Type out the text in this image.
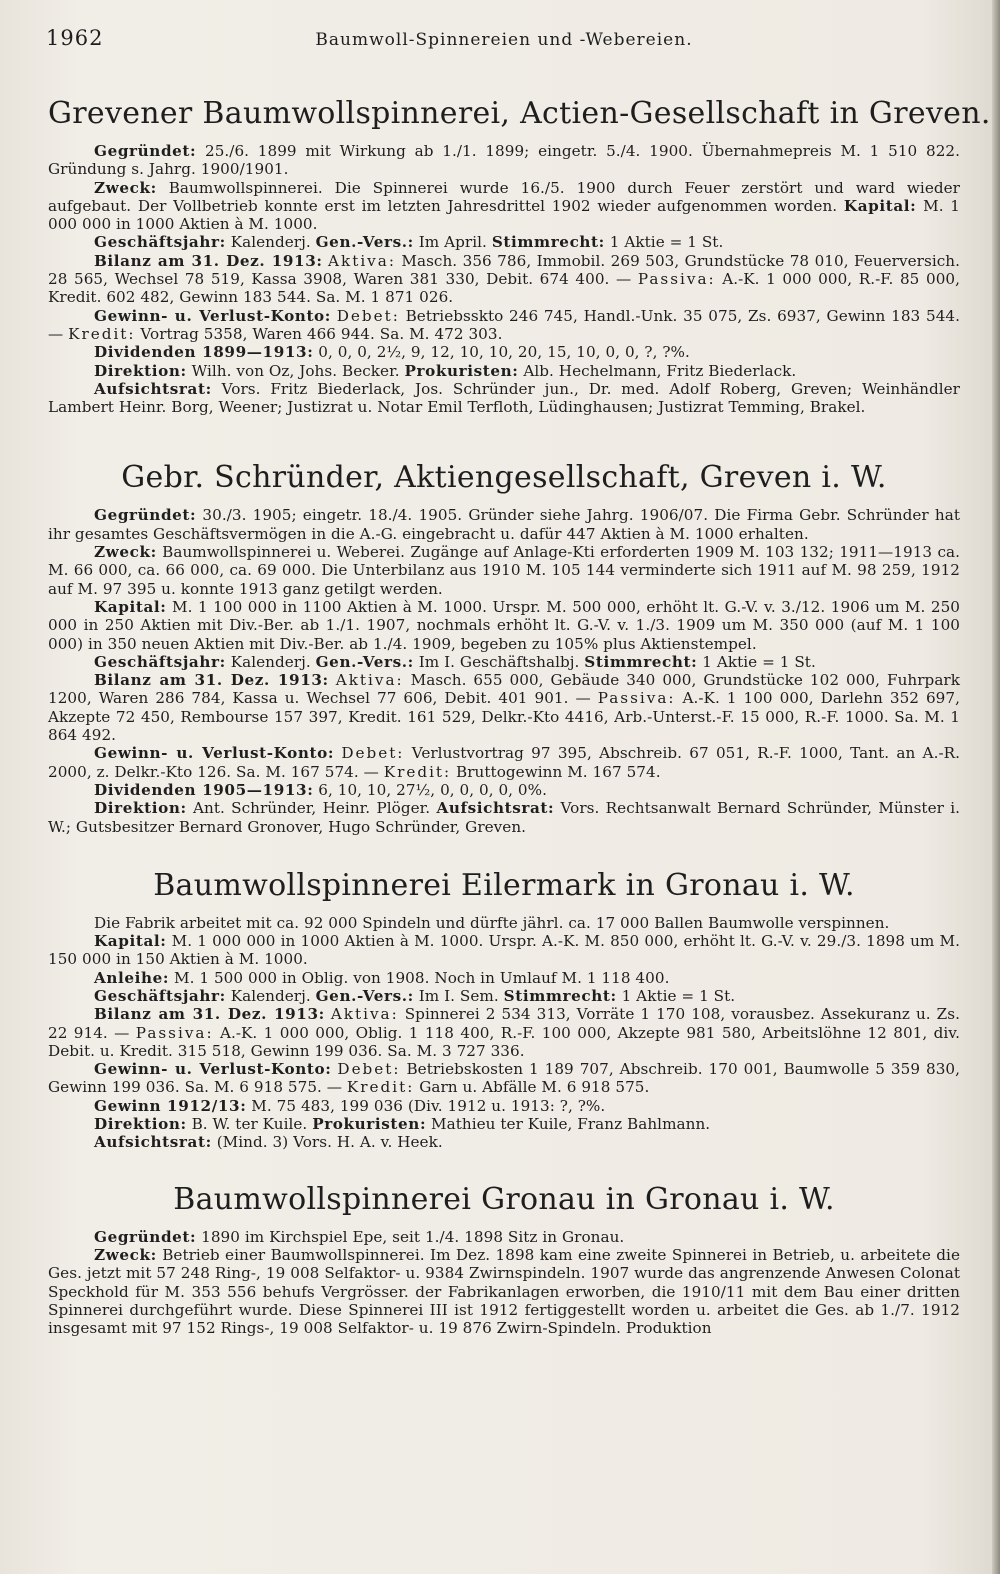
1962	Baumwoll-Spinnereien und -Webereien.
Grevener Baumwollspinnerei, Actien-Gesellschaft in Greven.

Gegründet: 25./6. 1899 mit Wirkung ab 1./1. 1899; eingetr. 5./4. 1900. Übernahmepreis M. 1 510 822. Gründung s. Jahrg. 1900/1901.

Zweck: Baumwollspinnerei. Die Spinnerei wurde 16./5. 1900 durch Feuer zerstört und ward wieder aufgebaut. Der Vollbetrieb konnte erst im letzten Jahresdrittel 1902 wieder aufgenommen worden. Kapital: M. 1 000 000 in 1000 Aktien à M. 1000.

Geschäftsjahr: Kalenderj. Gen.-Vers.: Im April. Stimmrecht: 1 Aktie = 1 St.

Bilanz am 31. Dez. 1913: Aktiva: Masch. 356 786, Immobil. 269 503, Grundstücke 78 010, Feuerversich. 28 565, Wechsel 78 519, Kassa 3908, Waren 381 330, Debit. 674 400. — Passiva: A.-K. 1 000 000, R.-F. 85 000, Kredit. 602 482, Gewinn 183 544. Sa. M. 1 871 026.

Gewinn- u. Verlust-Konto: Debet: Betriebsskto 246 745, Handl.-Unk. 35 075, Zs. 6937, Gewinn 183 544. — Kredit: Vortrag 5358, Waren 466 944. Sa. M. 472 303.

Dividenden 1899—1913: 0, 0, 0, 2½, 9, 12, 10, 10, 20, 15, 10, 0, 0, ?, ?%.

Direktion: Wilh. von Oz, Johs. Becker. Prokuristen: Alb. Hechelmann, Fritz Biederlack.

Aufsichtsrat: Vors. Fritz Biederlack, Jos. Schründer jun., Dr. med. Adolf Roberg, Greven; Weinhändler Lambert Heinr. Borg, Weener; Justizrat u. Notar Emil Terfloth, Lüdinghausen; Justizrat Temming, Brakel.

Gebr. Schründer, Aktiengesellschaft, Greven i. W.

Gegründet: 30./3. 1905; eingetr. 18./4. 1905. Gründer siehe Jahrg. 1906/07. Die Firma Gebr. Schründer hat ihr gesamtes Geschäftsvermögen in die A.-G. eingebracht u. dafür 447 Aktien à M. 1000 erhalten.

Zweck: Baumwollspinnerei u. Weberei. Zugänge auf Anlage-Kti erforderten 1909 M. 103 132; 1911—1913 ca. M. 66 000, ca. 66 000, ca. 69 000. Die Unterbilanz aus 1910 M. 105 144 verminderte sich 1911 auf M. 98 259, 1912 auf M. 97 395 u. konnte 1913 ganz getilgt werden.

Kapital: M. 1 100 000 in 1100 Aktien à M. 1000. Urspr. M. 500 000, erhöht lt. G.-V. v. 3./12. 1906 um M. 250 000 in 250 Aktien mit Div.-Ber. ab 1./1. 1907, nochmals erhöht lt. G.-V. v. 1./3. 1909 um M. 350 000 (auf M. 1 100 000) in 350 neuen Aktien mit Div.-Ber. ab 1./4. 1909, begeben zu 105% plus Aktienstempel.

Geschäftsjahr: Kalenderj. Gen.-Vers.: Im I. Geschäftshalbj. Stimmrecht: 1 Aktie = 1 St.

Bilanz am 31. Dez. 1913: Aktiva: Masch. 655 000, Gebäude 340 000, Grundstücke 102 000, Fuhrpark 1200, Waren 286 784, Kassa u. Wechsel 77 606, Debit. 401 901. — Passiva: A.-K. 1 100 000, Darlehn 352 697, Akzepte 72 450, Rembourse 157 397, Kredit. 161 529, Delkr.-Kto 4416, Arb.-Unterst.-F. 15 000, R.-F. 1000. Sa. M. 1 864 492.

Gewinn- u. Verlust-Konto: Debet: Verlustvortrag 97 395, Abschreib. 67 051, R.-F. 1000, Tant. an A.-R. 2000, z. Delkr.-Kto 126. Sa. M. 167 574. — Kredit: Bruttogewinn M. 167 574.

Dividenden 1905—1913: 6, 10, 10, 27½, 0, 0, 0, 0, 0%.

Direktion: Ant. Schründer, Heinr. Plöger. Aufsichtsrat: Vors. Rechtsanwalt Bernard Schründer, Münster i. W.; Gutsbesitzer Bernard Gronover, Hugo Schründer, Greven.

Baumwollspinnerei Eilermark in Gronau i. W.

Die Fabrik arbeitet mit ca. 92 000 Spindeln und dürfte jährl. ca. 17 000 Ballen Baumwolle verspinnen.

Kapital: M. 1 000 000 in 1000 Aktien à M. 1000. Urspr. A.-K. M. 850 000, erhöht lt. G.-V. v. 29./3. 1898 um M. 150 000 in 150 Aktien à M. 1000.

Anleihe: M. 1 500 000 in Oblig. von 1908. Noch in Umlauf M. 1 118 400.

Geschäftsjahr: Kalenderj. Gen.-Vers.: Im I. Sem. Stimmrecht: 1 Aktie = 1 St.

Bilanz am 31. Dez. 1913: Aktiva: Spinnerei 2 534 313, Vorräte 1 170 108, vorausbez. Assekuranz u. Zs. 22 914. — Passiva: A.-K. 1 000 000, Oblig. 1 118 400, R.-F. 100 000, Akzepte 981 580, Arbeitslöhne 12 801, div. Debit. u. Kredit. 315 518, Gewinn 199 036. Sa. M. 3 727 336.

Gewinn- u. Verlust-Konto: Debet: Betriebskosten 1 189 707, Abschreib. 170 001, Baumwolle 5 359 830, Gewinn 199 036. Sa. M. 6 918 575. — Kredit: Garn u. Abfälle M. 6 918 575.

Gewinn 1912/13: M. 75 483, 199 036 (Div. 1912 u. 1913: ?, ?%.

Direktion: B. W. ter Kuile. Prokuristen: Mathieu ter Kuile, Franz Bahlmann.

Aufsichtsrat: (Mind. 3) Vors. H. A. v. Heek.

Baumwollspinnerei Gronau in Gronau i. W.

Gegründet: 1890 im Kirchspiel Epe, seit 1./4. 1898 Sitz in Gronau.

Zweck: Betrieb einer Baumwollspinnerei. Im Dez. 1898 kam eine zweite Spinnerei in Betrieb, u. arbeitete die Ges. jetzt mit 57 248 Ring-, 19 008 Selfaktor- u. 9384 Zwirnspindeln. 1907 wurde das angrenzende Anwesen Colonat Speckhold für M. 353 556 behufs Vergrösser. der Fabrikanlagen erworben, die 1910/11 mit dem Bau einer dritten Spinnerei durchgeführt wurde. Diese Spinnerei III ist 1912 fertiggestellt worden u. arbeitet die Ges. ab 1./7. 1912 insgesamt mit 97 152 Rings-, 19 008 Selfaktor- u. 19 876 Zwirn-Spindeln. Produktion
